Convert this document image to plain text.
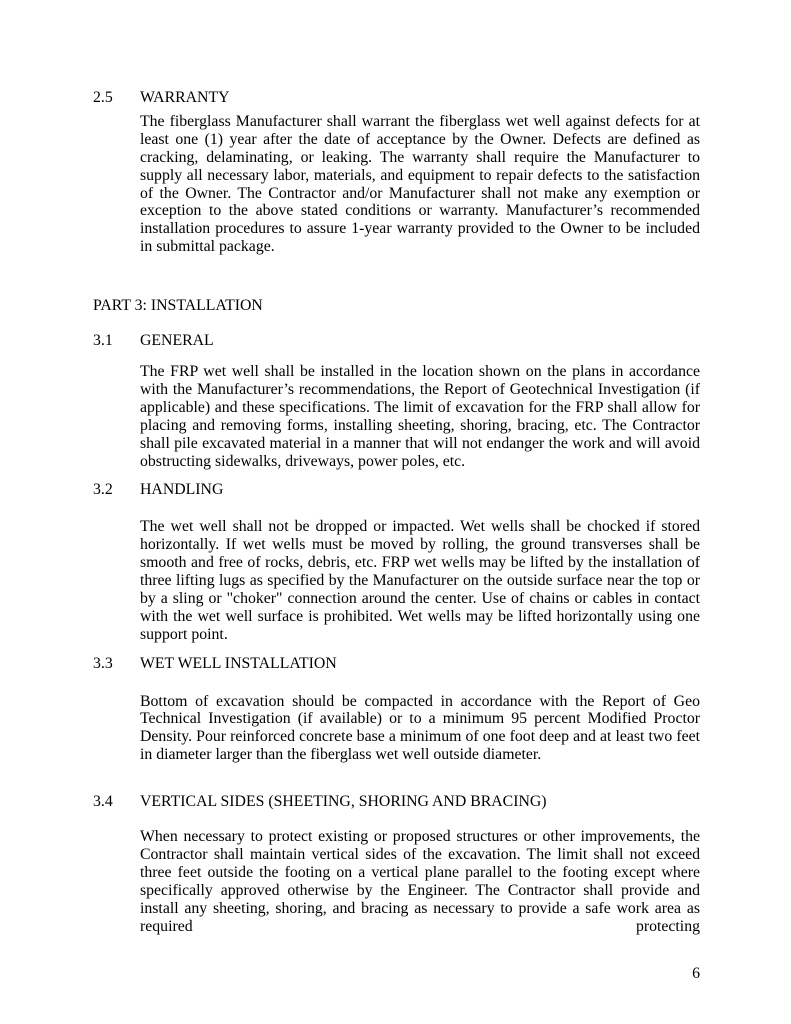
2.5	WARRANTY

The fiberglass Manufacturer shall warrant the fiberglass wet well against defects for at least one (1) year after the date of acceptance by the Owner. Defects are defined as cracking, delaminating, or leaking. The warranty shall require the Manufacturer to supply all necessary labor, materials, and equipment to repair defects to the satisfaction of the Owner. The Contractor and/or Manufacturer shall not make any exemption or exception to the above stated conditions or warranty. Manufacturer’s recommended installation procedures to assure 1-year warranty provided to the Owner to be included in submittal package.

PART 3: INSTALLATION
3.1	GENERAL

The FRP wet well shall be installed in the location shown on the plans in accordance with the Manufacturer’s recommendations, the Report of Geotechnical Investigation (if applicable) and these specifications. The limit of excavation for the FRP shall allow for placing and removing forms, installing sheeting, shoring, bracing, etc. The Contractor shall pile excavated material in a manner that will not endanger the work and will avoid obstructing sidewalks, driveways, power poles, etc.

3.2	HANDLING

The wet well shall not be dropped or impacted. Wet wells shall be chocked if stored horizontally. If wet wells must be moved by rolling, the ground transverses shall be smooth and free of rocks, debris, etc. FRP wet wells may be lifted by the installation of three lifting lugs as specified by the Manufacturer on the outside surface near the top or by a sling or "choker" connection around the center. Use of chains or cables in contact with the wet well surface is prohibited. Wet wells may be lifted horizontally using one support point.

3.3	WET WELL INSTALLATION

Bottom of excavation should be compacted in accordance with the Report of Geo Technical Investigation (if available) or to a minimum 95 percent Modified Proctor Density. Pour reinforced concrete base a minimum of one foot deep and at least two feet in diameter larger than the fiberglass wet well outside diameter.

3.4	VERTICAL SIDES (SHEETING, SHORING AND BRACING)

When necessary to protect existing or proposed structures or other improvements, the Contractor shall maintain vertical sides of the excavation. The limit shall not exceed three feet outside the footing on a vertical plane parallel to the footing except where specifically approved otherwise by the Engineer. The Contractor shall provide and install any sheeting, shoring, and bracing as necessary to provide a safe work area as required protecting

6
